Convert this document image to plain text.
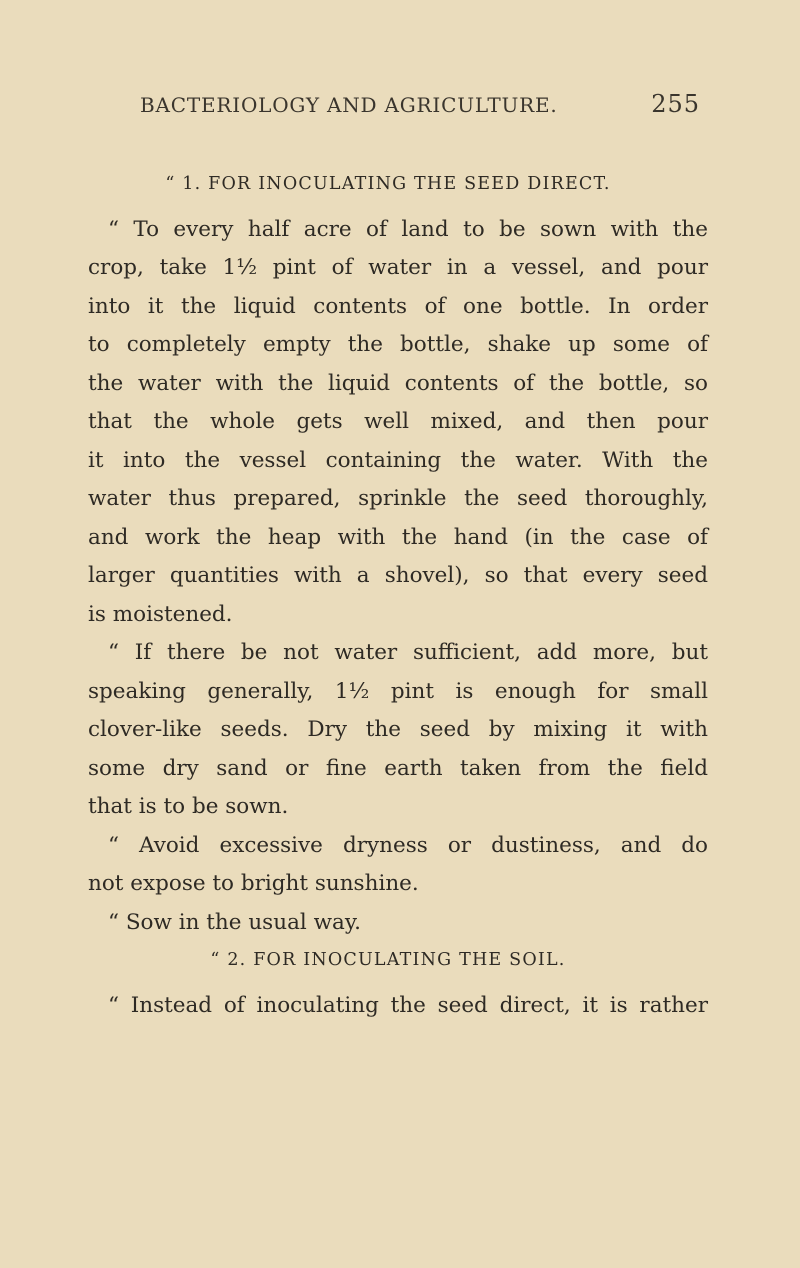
BACTERIOLOGY AND AGRICULTURE.	255
“ 1. FOR INOCULATING THE SEED DIRECT.
“ To every half acre of land to be sown with the
crop, take 1½ pint of water in a vessel, and pour
into it the liquid contents of one bottle. In order
to completely empty the bottle, shake up some of
the water with the liquid contents of the bottle, so
that the whole gets well mixed, and then pour
it into the vessel containing the water. With the
water thus prepared, sprinkle the seed thoroughly,
and work the heap with the hand (in the case of
larger quantities with a shovel), so that every seed
is moistened.
“ If there be not water sufficient, add more, but
speaking generally, 1½ pint is enough for small
clover-like seeds. Dry the seed by mixing it with
some dry sand or fine earth taken from the field
that is to be sown.
“ Avoid excessive dryness or dustiness, and do
not expose to bright sunshine.
“ Sow in the usual way.
“ 2. FOR INOCULATING THE SOIL.
“ Instead of inoculating the seed direct, it is rather
